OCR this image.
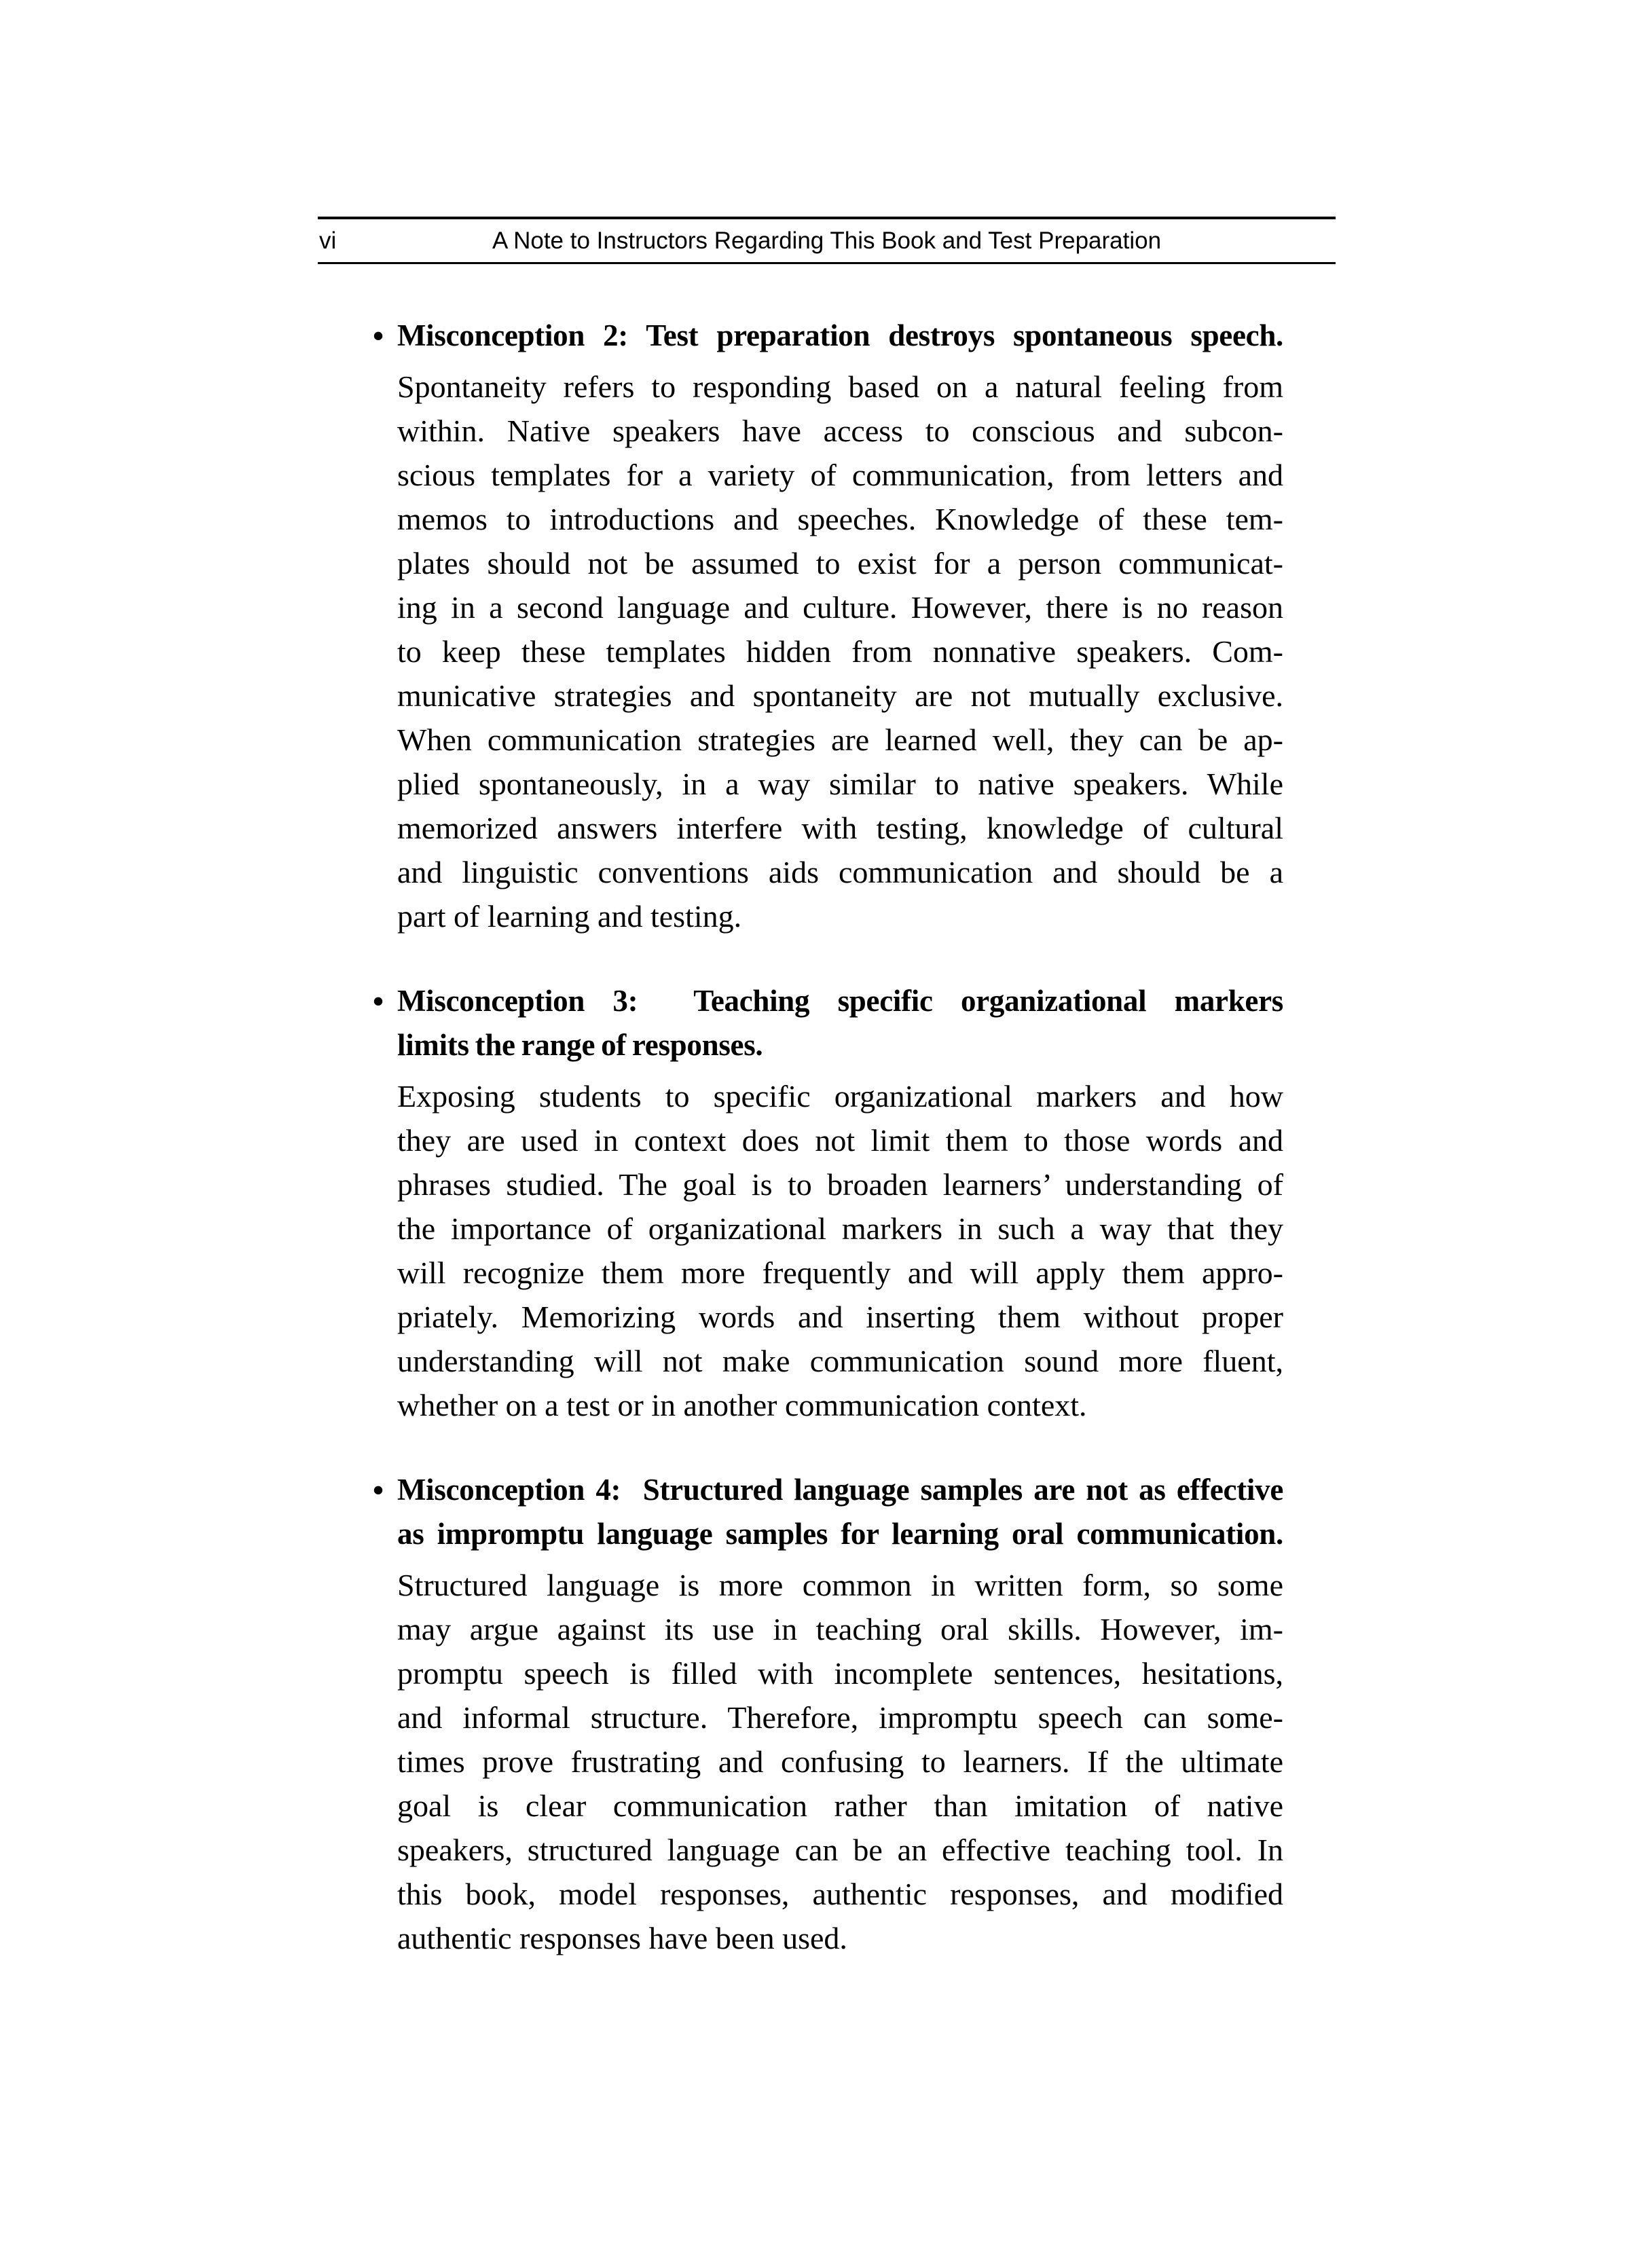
vi	A Note to Instructors Regarding This Book and Test Preparation
• Misconception 2: Test preparation destroys spontaneous speech.
Spontaneity refers to responding based on a natural feeling from
within. Native speakers have access to conscious and subcon-
scious templates for a variety of communication, from letters and
memos to introductions and speeches. Knowledge of these tem-
plates should not be assumed to exist for a person communicat-
ing in a second language and culture. However, there is no reason
to keep these templates hidden from nonnative speakers. Com-
municative strategies and spontaneity are not mutually exclusive.
When communication strategies are learned well, they can be ap-
plied spontaneously, in a way similar to native speakers. While
memorized answers interfere with testing, knowledge of cultural
and linguistic conventions aids communication and should be a
part of learning and testing.
• Misconception 3:  Teaching specific organizational markers
limits the range of responses.
Exposing students to specific organizational markers and how
they are used in context does not limit them to those words and
phrases studied. The goal is to broaden learners’ understanding of
the importance of organizational markers in such a way that they
will recognize them more frequently and will apply them appro-
priately. Memorizing words and inserting them without proper
understanding will not make communication sound more fluent,
whether on a test or in another communication context.
• Misconception 4:  Structured language samples are not as effective
as impromptu language samples for learning oral communication.
Structured language is more common in written form, so some
may argue against its use in teaching oral skills. However, im-
promptu speech is filled with incomplete sentences, hesitations,
and informal structure. Therefore, impromptu speech can some-
times prove frustrating and confusing to learners. If the ultimate
goal is clear communication rather than imitation of native
speakers, structured language can be an effective teaching tool. In
this book, model responses, authentic responses, and modified
authentic responses have been used.
